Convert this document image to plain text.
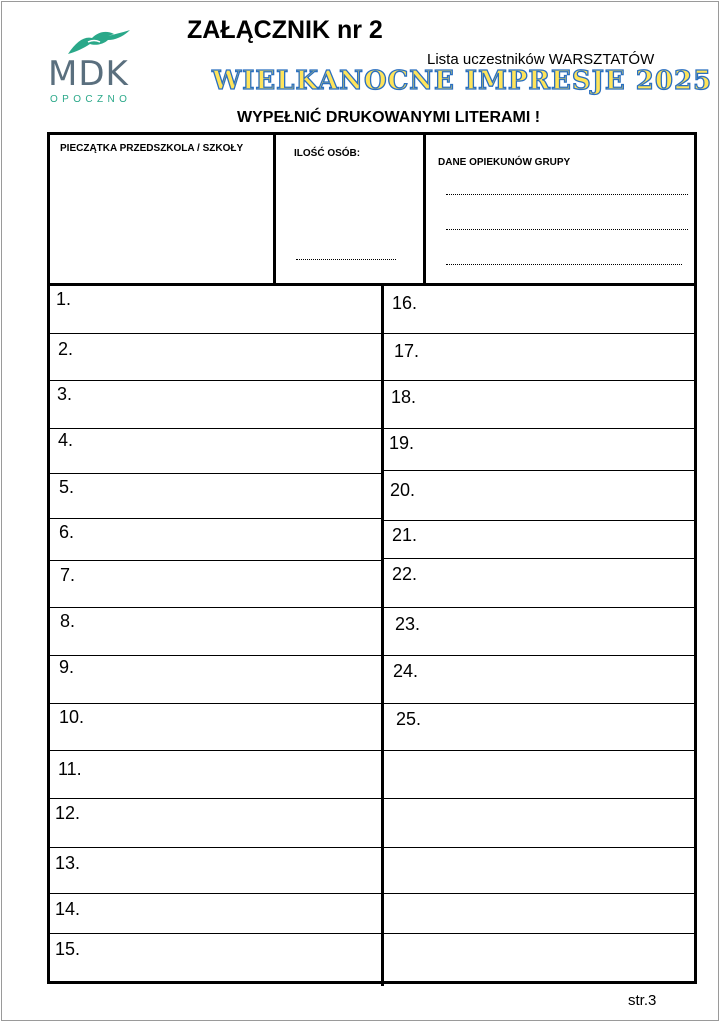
MDK
OPOCZNO
ZAŁĄCZNIK nr 2
Lista uczestników WARSZTATÓW
WIELKANOCNE IMPRESJE 2025
WYPEŁNIĆ DRUKOWANYMI LITERAMI !
PIECZĄTKA PRZEDSZKOLA / SZKOŁY	ILOŚĆ OSÓB:
DANE OPIEKUNÓW GRUPY
1.
2.
3.
4.
5.
6.
7.
8.
9.
10.
11.
12.
13.
14.
15.
16.
17.
18.
19.
20.
21.
22.
23.
24.
25.
str.3
